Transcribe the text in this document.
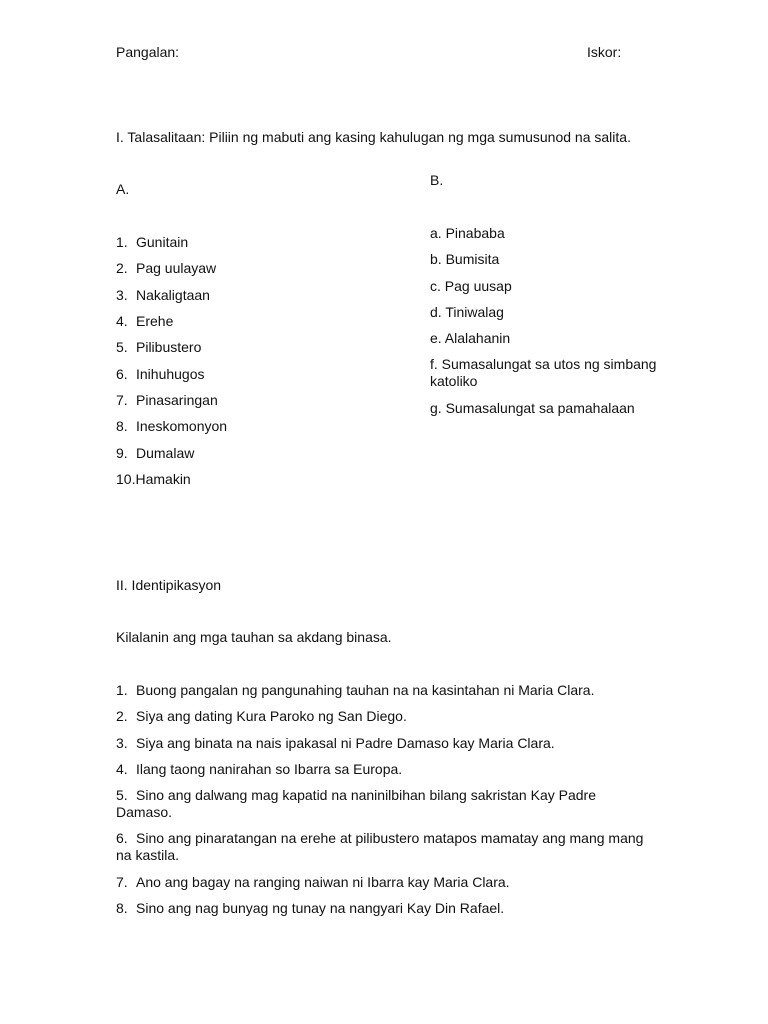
Pangalan:	Iskor:
I. Talasalitaan: Piliin ng mabuti ang kasing kahulugan ng mga sumusunod na salita.
A.
B.
1. Gunitain
2. Pag uulayaw
3. Nakaligtaan
4. Erehe
5. Pilibustero
6. Inihuhugos
7. Pinasaringan
8. Ineskomonyon
9. Dumalaw
10.Hamakin
a. Pinababa
b. Bumisita
c. Pag uusap
d. Tiniwalag
e. Alalahanin
f. Sumasalungat sa utos ng simbang katoliko
g. Sumasalungat sa pamahalaan
II. Identipikasyon
Kilalanin ang mga tauhan sa akdang binasa.
1. Buong pangalan ng pangunahing tauhan na na kasintahan ni Maria Clara.
2. Siya ang dating Kura Paroko ng San Diego.
3. Siya ang binata na nais ipakasal ni Padre Damaso kay Maria Clara.
4. Ilang taong nanirahan so Ibarra sa Europa.
5. Sino ang dalwang mag kapatid na naninilbihan bilang sakristan Kay Padre Damaso.
6. Sino ang pinaratangan na erehe at pilibustero matapos mamatay ang mang mang na kastila.
7. Ano ang bagay na ranging naiwan ni Ibarra kay Maria Clara.
8. Sino ang nag bunyag ng tunay na nangyari Kay Din Rafael.
